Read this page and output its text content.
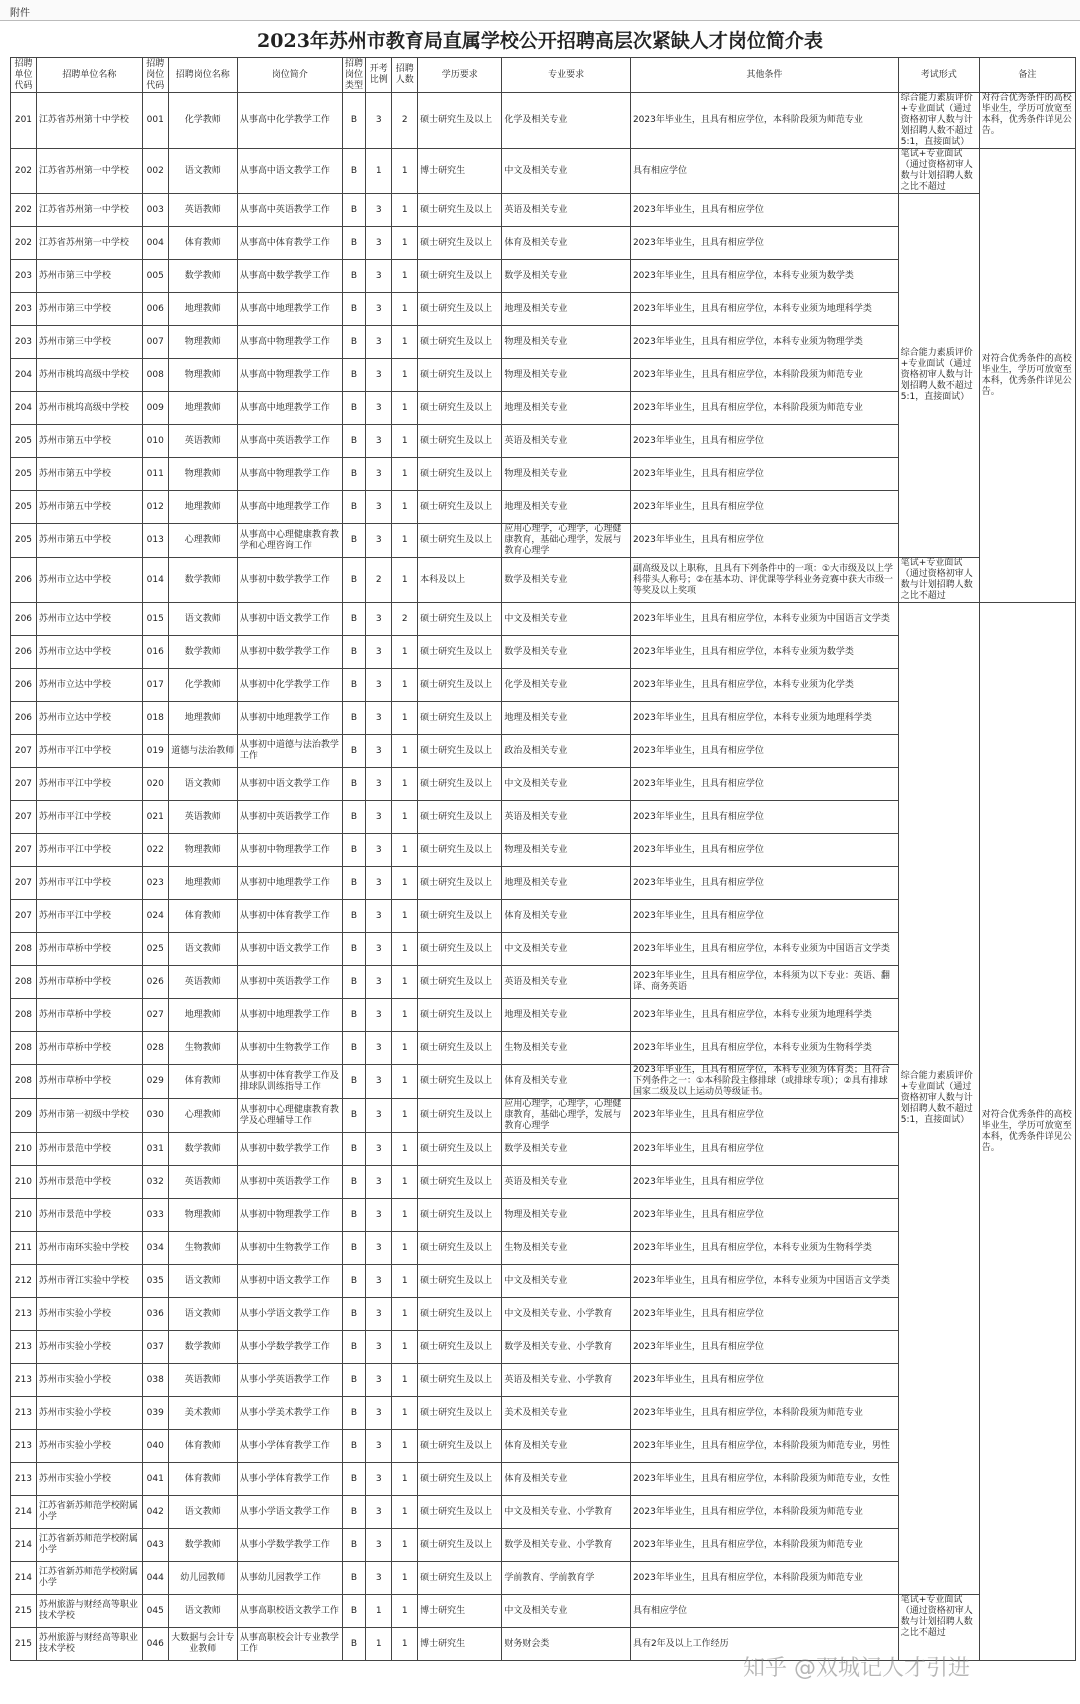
附件
2023年苏州市教育局直属学校公开招聘高层次紧缺人才岗位简介表
招聘单位代码	招聘单位名称	招聘岗位代码	招聘岗位名称	岗位简介	招聘岗位类型	开考比例	招聘人数	学历要求	专业要求	其他条件	考试形式	备注
201	江苏省苏州第十中学校	001	化学教师	从事高中化学教学工作	B	3	2	硕士研究生及以上	化学及相关专业	2023年毕业生，且具有相应学位，本科阶段须为师范专业	综合能力素质评价+专业面试（通过资格初审人数与计划招聘人数不超过5:1，直接面试）	对符合优秀条件的高校毕业生，学历可放宽至本科，优秀条件详见公告。
202	江苏省苏州第一中学校	002	语文教师	从事高中语文教学工作	B	1	1	博士研究生	中文及相关专业	具有相应学位	笔试+专业面试（通过资格初审人数与计划招聘人数之比不超过	对符合优秀条件的高校毕业生，学历可放宽至本科，优秀条件详见公告。
202	江苏省苏州第一中学校	003	英语教师	从事高中英语教学工作	B	3	1	硕士研究生及以上	英语及相关专业	2023年毕业生，且具有相应学位	综合能力素质评价+专业面试（通过资格初审人数与计划招聘人数不超过5:1，直接面试）	
202	江苏省苏州第一中学校	004	体育教师	从事高中体育教学工作	B	3	1	硕士研究生及以上	体育及相关专业	2023年毕业生，且具有相应学位		
203	苏州市第三中学校	005	数学教师	从事高中数学教学工作	B	3	1	硕士研究生及以上	数学及相关专业	2023年毕业生，且具有相应学位，本科专业须为数学类		
203	苏州市第三中学校	006	地理教师	从事高中地理教学工作	B	3	1	硕士研究生及以上	地理及相关专业	2023年毕业生，且具有相应学位，本科专业须为地理科学类		
203	苏州市第三中学校	007	物理教师	从事高中物理教学工作	B	3	1	硕士研究生及以上	物理及相关专业	2023年毕业生，且具有相应学位，本科专业须为物理学类		
204	苏州市桃坞高级中学校	008	物理教师	从事高中物理教学工作	B	3	1	硕士研究生及以上	物理及相关专业	2023年毕业生，且具有相应学位，本科阶段须为师范专业		
204	苏州市桃坞高级中学校	009	地理教师	从事高中地理教学工作	B	3	1	硕士研究生及以上	地理及相关专业	2023年毕业生，且具有相应学位，本科阶段须为师范专业		
205	苏州市第五中学校	010	英语教师	从事高中英语教学工作	B	3	1	硕士研究生及以上	英语及相关专业	2023年毕业生，且具有相应学位		
205	苏州市第五中学校	011	物理教师	从事高中物理教学工作	B	3	1	硕士研究生及以上	物理及相关专业	2023年毕业生，且具有相应学位		
205	苏州市第五中学校	012	地理教师	从事高中地理教学工作	B	3	1	硕士研究生及以上	地理及相关专业	2023年毕业生，且具有相应学位		
205	苏州市第五中学校	013	心理教师	从事高中心理健康教育教学和心理咨询工作	B	3	1	硕士研究生及以上	应用心理学，心理学，心理健康教育，基础心理学，发展与教育心理学	2023年毕业生，且具有相应学位		
206	苏州市立达中学校	014	数学教师	从事初中数学教学工作	B	2	1	本科及以上	数学及相关专业	副高级及以上职称，且具有下列条件中的一项：①大市级及以上学科带头人称号；②在基本功、评优课等学科业务竞赛中获大市级一等奖及以上奖项	笔试+专业面试（通过资格初审人数与计划招聘人数之比不超过	
206	苏州市立达中学校	015	语文教师	从事初中语文教学工作	B	3	2	硕士研究生及以上	中文及相关专业	2023年毕业生，且具有相应学位，本科专业须为中国语言文学类	综合能力素质评价+专业面试（通过资格初审人数与计划招聘人数不超过5:1，直接面试）	对符合优秀条件的高校毕业生，学历可放宽至本科，优秀条件详见公告。
206	苏州市立达中学校	016	数学教师	从事初中数学教学工作	B	3	1	硕士研究生及以上	数学及相关专业	2023年毕业生，且具有相应学位，本科专业须为数学类		
206	苏州市立达中学校	017	化学教师	从事初中化学教学工作	B	3	1	硕士研究生及以上	化学及相关专业	2023年毕业生，且具有相应学位，本科专业须为化学类		
206	苏州市立达中学校	018	地理教师	从事初中地理教学工作	B	3	1	硕士研究生及以上	地理及相关专业	2023年毕业生，且具有相应学位，本科专业须为地理科学类		
207	苏州市平江中学校	019	道德与法治教师	从事初中道德与法治教学工作	B	3	1	硕士研究生及以上	政治及相关专业	2023年毕业生，且具有相应学位		
207	苏州市平江中学校	020	语文教师	从事初中语文教学工作	B	3	1	硕士研究生及以上	中文及相关专业	2023年毕业生，且具有相应学位		
207	苏州市平江中学校	021	英语教师	从事初中英语教学工作	B	3	1	硕士研究生及以上	英语及相关专业	2023年毕业生，且具有相应学位		
207	苏州市平江中学校	022	物理教师	从事初中物理教学工作	B	3	1	硕士研究生及以上	物理及相关专业	2023年毕业生，且具有相应学位		
207	苏州市平江中学校	023	地理教师	从事初中地理教学工作	B	3	1	硕士研究生及以上	地理及相关专业	2023年毕业生，且具有相应学位		
207	苏州市平江中学校	024	体育教师	从事初中体育教学工作	B	3	1	硕士研究生及以上	体育及相关专业	2023年毕业生，且具有相应学位		
208	苏州市草桥中学校	025	语文教师	从事初中语文教学工作	B	3	1	硕士研究生及以上	中文及相关专业	2023年毕业生，且具有相应学位，本科专业须为中国语言文学类		
208	苏州市草桥中学校	026	英语教师	从事初中英语教学工作	B	3	1	硕士研究生及以上	英语及相关专业	2023年毕业生，且具有相应学位，本科须为以下专业：英语、翻译、商务英语		
208	苏州市草桥中学校	027	地理教师	从事初中地理教学工作	B	3	1	硕士研究生及以上	地理及相关专业	2023年毕业生，且具有相应学位，本科专业须为地理科学类		
208	苏州市草桥中学校	028	生物教师	从事初中生物教学工作	B	3	1	硕士研究生及以上	生物及相关专业	2023年毕业生，且具有相应学位，本科专业须为生物科学类		
208	苏州市草桥中学校	029	体育教师	从事初中体育教学工作及排球队训练指导工作	B	3	1	硕士研究生及以上	体育及相关专业	2023年毕业生，且具有相应学位，本科专业须为体育类；且符合下列条件之一：①本科阶段主修排球（或排球专项）；②具有排球国家二级及以上运动员等级证书。		
209	苏州市第一初级中学校	030	心理教师	从事初中心理健康教育教学及心理辅导工作	B	3	1	硕士研究生及以上	应用心理学，心理学，心理健康教育，基础心理学，发展与教育心理学	2023年毕业生，且具有相应学位		
210	苏州市景范中学校	031	数学教师	从事初中数学教学工作	B	3	1	硕士研究生及以上	数学及相关专业	2023年毕业生，且具有相应学位		
210	苏州市景范中学校	032	英语教师	从事初中英语教学工作	B	3	1	硕士研究生及以上	英语及相关专业	2023年毕业生，且具有相应学位		
210	苏州市景范中学校	033	物理教师	从事初中物理教学工作	B	3	1	硕士研究生及以上	物理及相关专业	2023年毕业生，且具有相应学位		
211	苏州市南环实验中学校	034	生物教师	从事初中生物教学工作	B	3	1	硕士研究生及以上	生物及相关专业	2023年毕业生，且具有相应学位，本科专业须为生物科学类		
212	苏州市胥江实验中学校	035	语文教师	从事初中语文教学工作	B	3	1	硕士研究生及以上	中文及相关专业	2023年毕业生，且具有相应学位，本科专业须为中国语言文学类		
213	苏州市实验小学校	036	语文教师	从事小学语文教学工作	B	3	1	硕士研究生及以上	中文及相关专业、小学教育	2023年毕业生，且具有相应学位		
213	苏州市实验小学校	037	数学教师	从事小学数学教学工作	B	3	1	硕士研究生及以上	数学及相关专业、小学教育	2023年毕业生，且具有相应学位		
213	苏州市实验小学校	038	英语教师	从事小学英语教学工作	B	3	1	硕士研究生及以上	英语及相关专业、小学教育	2023年毕业生，且具有相应学位		
213	苏州市实验小学校	039	美术教师	从事小学美术教学工作	B	3	1	硕士研究生及以上	美术及相关专业	2023年毕业生，且具有相应学位，本科阶段须为师范专业		
213	苏州市实验小学校	040	体育教师	从事小学体育教学工作	B	3	1	硕士研究生及以上	体育及相关专业	2023年毕业生，且具有相应学位，本科阶段须为师范专业，男性		
213	苏州市实验小学校	041	体育教师	从事小学体育教学工作	B	3	1	硕士研究生及以上	体育及相关专业	2023年毕业生，且具有相应学位，本科阶段须为师范专业，女性		
214	江苏省新苏师范学校附属小学	042	语文教师	从事小学语文教学工作	B	3	1	硕士研究生及以上	中文及相关专业、小学教育	2023年毕业生，且具有相应学位，本科阶段须为师范专业		
214	江苏省新苏师范学校附属小学	043	数学教师	从事小学数学教学工作	B	3	1	硕士研究生及以上	数学及相关专业、小学教育	2023年毕业生，且具有相应学位，本科阶段须为师范专业		
214	江苏省新苏师范学校附属小学	044	幼儿园教师	从事幼儿园教学工作	B	3	1	硕士研究生及以上	学前教育、学前教育学	2023年毕业生，且具有相应学位，本科阶段须为师范专业		
215	苏州旅游与财经高等职业技术学校	045	语文教师	从事高职校语文教学工作	B	1	1	博士研究生	中文及相关专业	具有相应学位	笔试+专业面试（通过资格初审人数与计划招聘人数之比不超过	
215	苏州旅游与财经高等职业技术学校	046	大数据与会计专业教师	从事高职校会计专业教学工作	B	1	1	博士研究生	财务财会类	具有2年及以上工作经历		
知乎 @双城记人才引进
